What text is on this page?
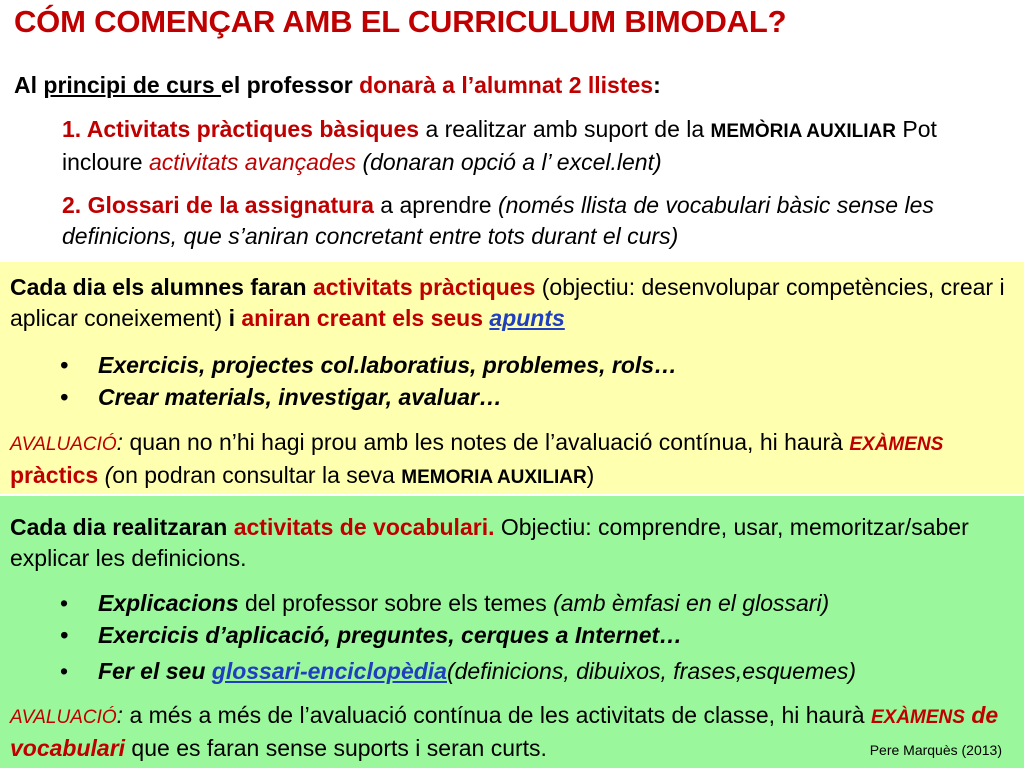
CÓM COMENÇAR AMB EL CURRICULUM BIMODAL?
Al principi de curs el professor donarà a l’alumnat 2 llistes:
1. Activitats pràctiques bàsiques a realitzar amb suport de la MEMÒRIA AUXILIAR Pot incloure activitats avançades (donaran opció a l’ excel.lent)
2. Glossari de la assignatura a aprendre (només llista de vocabulari bàsic sense les definicions, que s’aniran concretant entre tots durant el curs)
Cada dia els alumnes faran activitats pràctiques (objectiu: desenvolupar competències, crear i aplicar coneixement) i aniran creant els seus apunts
• Exercicis, projectes col.laboratius, problemes, rols…
• Crear materials, investigar, avaluar…
AVALUACIÓ: quan no n’hi hagi prou amb les notes de l’avaluació contínua, hi haurà EXÀMENS pràctics (on podran consultar la seva MEMORIA AUXILIAR)
Cada dia realitzaran activitats de vocabulari. Objectiu: comprendre, usar, memoritzar/saber explicar les definicions.
• Explicacions del professor sobre els temes (amb èmfasi en el glossari)
• Exercicis d’aplicació, preguntes, cerques a Internet…
• Fer el seu glossari-enciclopèdia(definicions, dibuixos, frases,esquemes)
AVALUACIÓ: a més a més de l’avaluació contínua de les activitats de classe, hi haurà EXÀMENS de vocabulari que es faran sense suports i seran curts.	Pere Marquès (2013)
